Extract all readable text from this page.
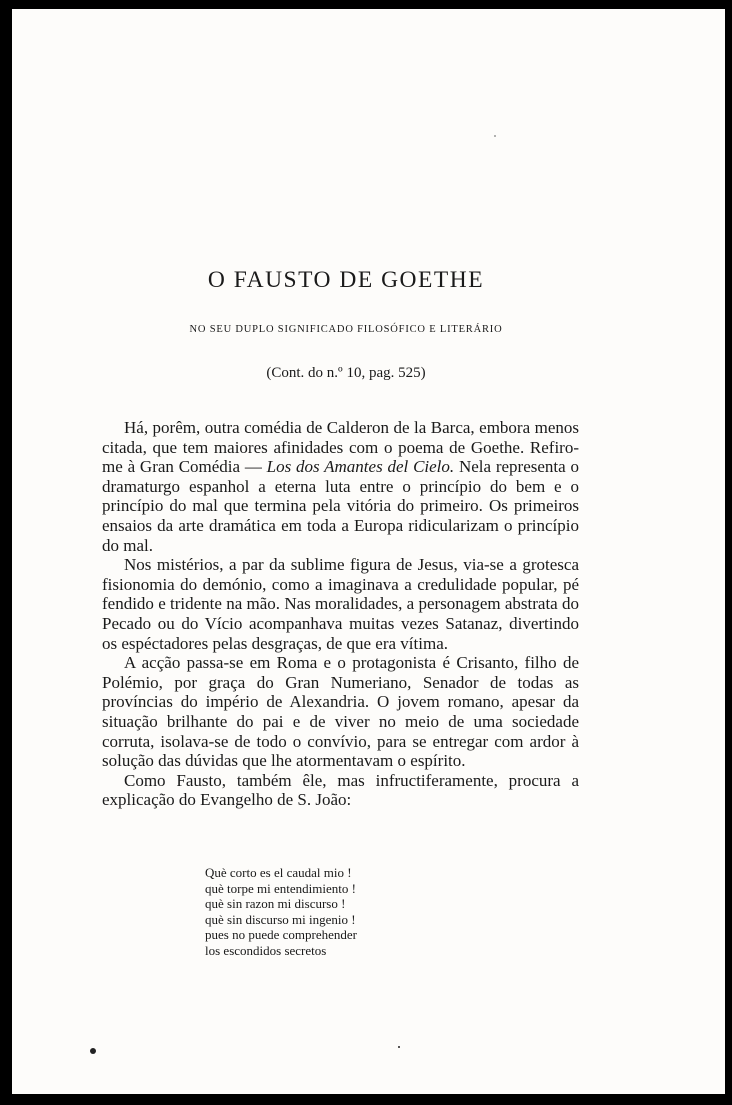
O FAUSTO DE GOETHE
NO SEU DUPLO SIGNIFICADO FILOSÓFICO E LITERÁRIO
(Cont. do n.º 10, pag. 525)

Há, porêm, outra comédia de Calderon de la Barca, embora menos citada, que tem maiores afinidades com o poema de Goethe. Refiro-me à Gran Comédia — Los dos Amantes del Cielo. Nela representa o dramaturgo espanhol a eterna luta entre o princípio do bem e o princípio do mal que termina pela vitória do primeiro. Os primeiros ensaios da arte dramática em toda a Europa ridicularizam o princípio do mal.

Nos mistérios, a par da sublime figura de Jesus, via-se a grotesca fisionomia do demónio, como a imaginava a credulidade popular, pé fendido e tridente na mão. Nas moralidades, a personagem abstrata do Pecado ou do Vício acompanhava muitas vezes Satanaz, divertindo os espéctadores pelas desgraças, de que era vítima.

A acção passa-se em Roma e o protagonista é Crisanto, filho de Polémio, por graça do Gran Numeriano, Senador de todas as províncias do império de Alexandria. O jovem romano, apesar da situação brilhante do pai e de viver no meio de uma sociedade corruta, isolava-se de todo o convívio, para se entregar com ardor à solução das dúvidas que lhe atormentavam o espírito.

Como Fausto, também êle, mas infructiferamente, procura a explicação do Evangelho de S. João:

Què corto es el caudal mio !
què torpe mi entendimiento !
què sin razon mi discurso !
què sin discurso mi ingenio !
pues no puede comprehender
los escondidos secretos
